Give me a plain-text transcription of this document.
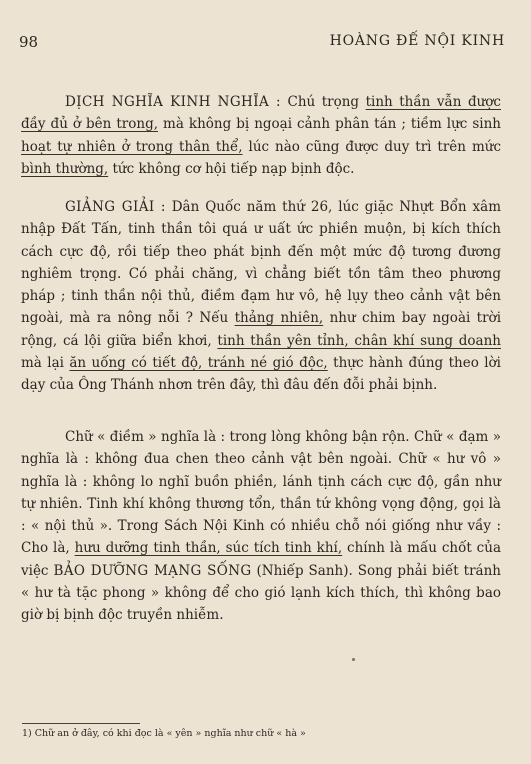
98	HOÀNG ĐẾ NỘI KINH

DỊCH NGHĨA KINH NGHĨA : Chú trọng tinh thần vẫn được đầy đủ ở bên trong, mà không bị ngoại cảnh phân tán ; tiềm lực sinh hoạt tự nhiên ở trong thân thể, lúc nào cũng được duy trì trên mức bình thường, tức không cơ hội tiếp nạp bịnh độc.

GIẢNG GIẢI : Dân Quốc năm thứ 26, lúc giặc Nhựt Bổn xâm nhập Đất Tấn, tinh thần tôi quá ư uất ức phiền muộn, bị kích thích cách cực độ, rồi tiếp theo phát bịnh đến một mức độ tương đương nghiêm trọng. Có phải chăng, vì chẳng biết tồn tâm theo phương pháp ; tinh thần nội thủ, điềm đạm hư vô, hệ lụy theo cảnh vật bên ngoài, mà ra nông nỗi ? Nếu thảng nhiên, như chim bay ngoài trời rộng, cá lội giữa biển khơi, tinh thần yên tỉnh, chân khí sung doanh mà lại ăn uống có tiết độ, tránh né gió độc, thực hành đúng theo lời dạy của Ông Thánh nhơn trên đây, thì đâu đến đỗi phải bịnh.

Chữ « điềm » nghĩa là : trong lòng không bận rộn. Chữ « đạm » nghĩa là : không đua chen theo cảnh vật bên ngoài. Chữ « hư vô » nghĩa là : không lo nghĩ buồn phiền, lánh tịnh cách cực độ, gần như tự nhiên. Tinh khí không thương tổn, thần tứ không vọng động, gọi là : « nội thủ ». Trong Sách Nội Kinh có nhiều chỗ nói giống như vầy : Cho là, hưu dưỡng tinh thần, súc tích tinh khí, chính là mấu chốt của việc BẢO DƯỠNG MẠNG SỐNG (Nhiếp Sanh). Song phải biết tránh « hư tà tặc phong » không để cho gió lạnh kích thích, thì không bao giờ bị bịnh độc truyền nhiễm.

1) Chữ an ở đây, có khi đọc là « yên » nghĩa như chữ « hà »
